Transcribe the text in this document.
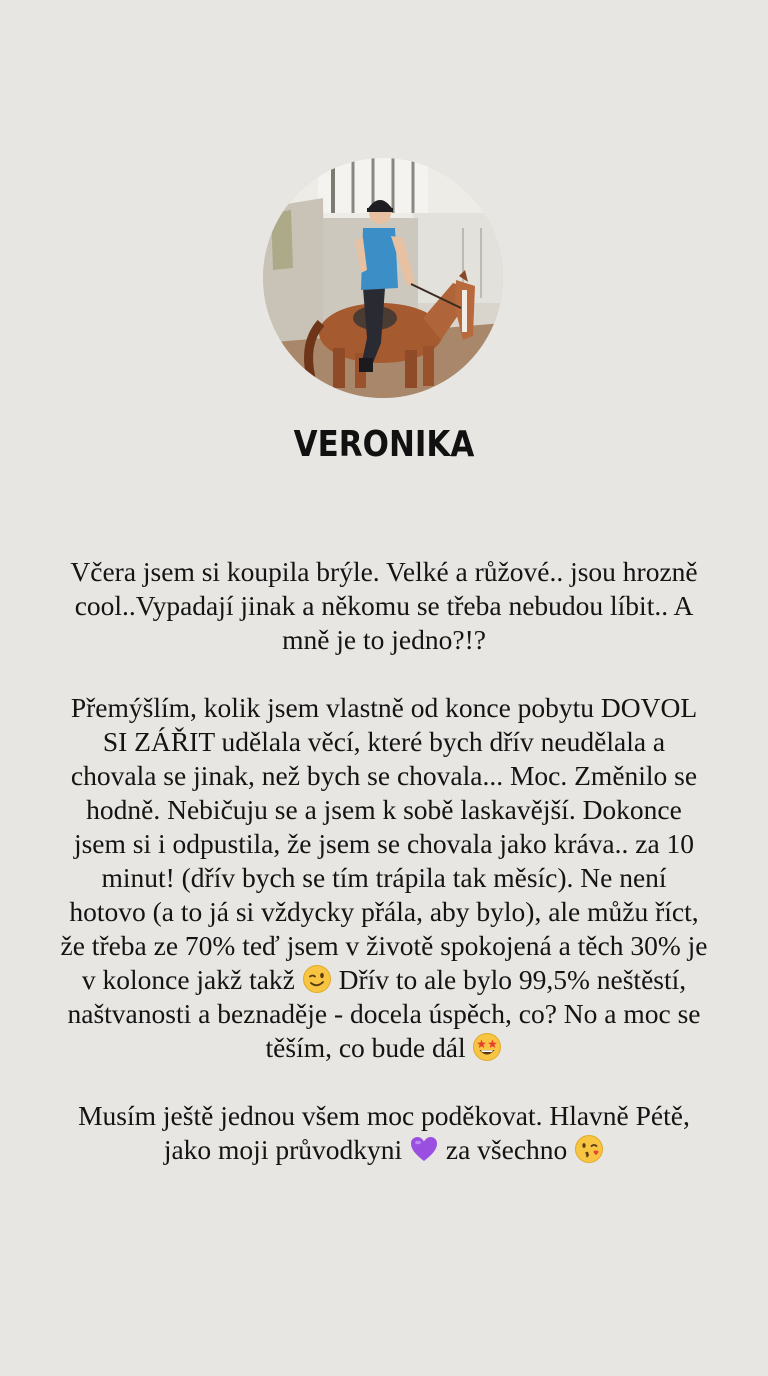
VERONIKA

Včera jsem si koupila brýle. Velké a růžové.. jsou hrozně cool..Vypadají jinak a někomu se třeba nebudou líbit.. A mně je to jedno?!?

Přemýšlím, kolik jsem vlastně od konce pobytu DOVOL SI ZÁŘIT udělala věcí, které bych dřív neudělala a chovala se jinak, než bych se chovala... Moc. Změnilo se hodně. Nebičuju se a jsem k sobě laskavější. Dokonce jsem si i odpustila, že jsem se chovala jako kráva.. za 10 minut! (dřív bych se tím trápila tak měsíc). Ne není hotovo (a to já si vždycky přála, aby bylo), ale můžu říct, že třeba ze 70% teď jsem v životě spokojená a těch 30% je v kolonce jakž takž Dřív to ale bylo 99,5% neštěstí, naštvanosti a beznaděje - docela úspěch, co? No a moc se těším, co bude dál

Musím ještě jednou všem moc poděkovat. Hlavně Pétě, jako moji průvodkyni za všechno
